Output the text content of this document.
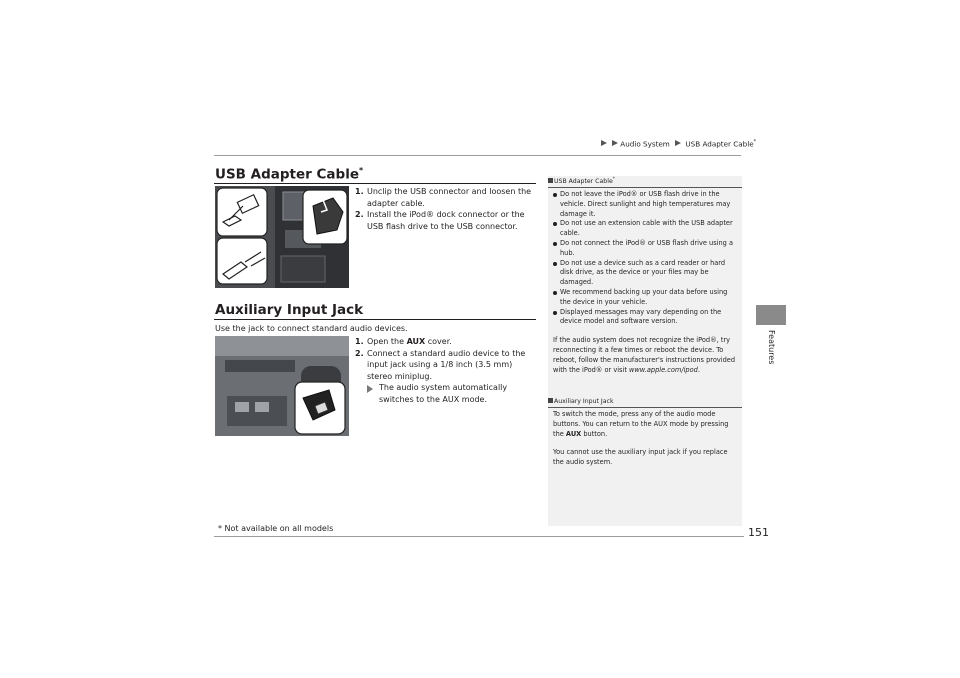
Audio System USB Adapter Cable*
Features
USB Adapter Cable*
1. Unclip the USB connector and loosen the adapter cable.
2. Install the iPod® dock connector or the USB flash drive to the USB connector.
Auxiliary Input Jack
Use the jack to connect standard audio devices.
1. Open the AUX cover.
2. Connect a standard audio device to the input jack using a 1/8 inch (3.5 mm) stereo miniplug.
The audio system automatically switches to the AUX mode.
USB Adapter Cable*
Do not leave the iPod® or USB flash drive in the vehicle. Direct sunlight and high temperatures may damage it.
Do not use an extension cable with the USB adapter cable.
Do not connect the iPod® or USB flash drive using a hub.
Do not use a device such as a card reader or hard disk drive, as the device or your files may be damaged.
We recommend backing up your data before using the device in your vehicle.
Displayed messages may vary depending on the device model and software version.
If the audio system does not recognize the iPod®, try reconnecting it a few times or reboot the device. To reboot, follow the manufacturer's instructions provided with the iPod® or visit www.apple.com/ipod.
Auxiliary Input Jack
To switch the mode, press any of the audio mode buttons. You can return to the AUX mode by pressing the AUX button.
You cannot use the auxiliary input jack if you replace the audio system.
* Not available on all models	151
